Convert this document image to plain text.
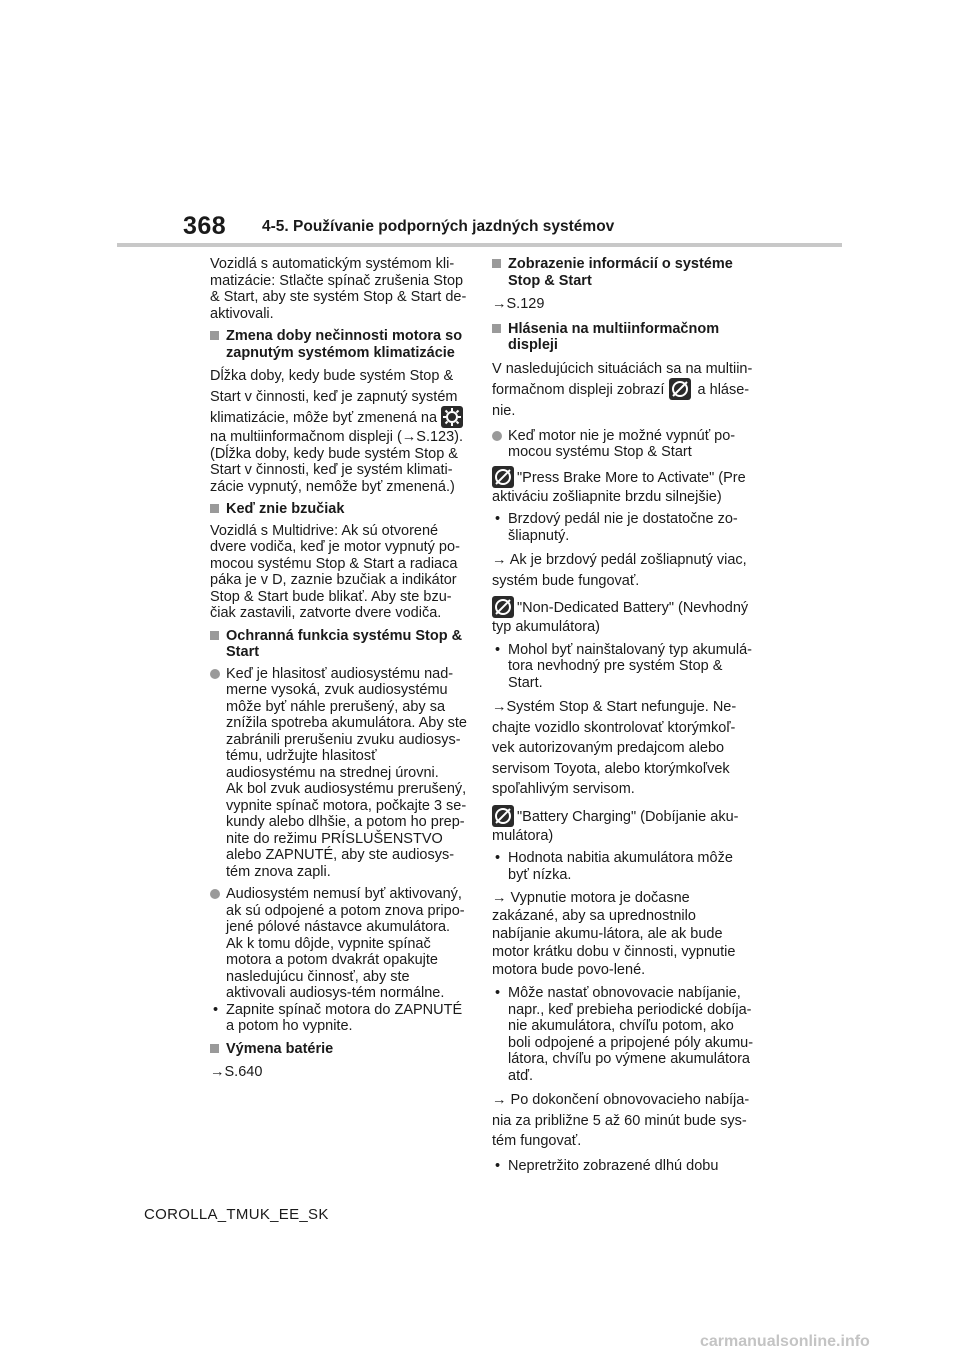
368 4-5. Používanie podporných jazdných systémov

Vozidlá s automatickým systémom kli-matizácie: Stlačte spínač zrušenia Stop & Start, aby ste systém Stop & Start de-aktivovali.

Zmena doby nečinnosti motora so zapnutým systémom klimatizácie

Dĺžka doby, kedy bude systém Stop & Start v činnosti, keď je zapnutý systém klimatizácie, môže byť zmenená na

na multiinformačnom displeji (→S.123). (Dĺžka doby, kedy bude systém Stop & Start v činnosti, keď je systém klimati-zácie vypnutý, nemôže byť zmenená.)

Keď znie bzučiak

Vozidlá s Multidrive: Ak sú otvorené dvere vodiča, keď je motor vypnutý po-mocou systému Stop & Start a radiaca páka je v D, zaznie bzučiak a indikátor Stop & Start bude blikať. Aby ste bzu-čiak zastavili, zatvorte dvere vodiča.

Ochranná funkcia systému Stop & Start
Keď je hlasitosť audiosystému nad-merne vysoká, zvuk audiosystému môže byť náhle prerušený, aby sa znížila spotreba akumulátora. Aby ste zabránili prerušeniu zvuku audiosys-tému, udržujte hlasitosť audiosystému na strednej úrovni.
Ak bol zvuk audiosystému prerušený, vypnite spínač motora, počkajte 3 se-kundy alebo dlhšie, a potom ho prep-nite do režimu PRÍSLUŠENSTVO alebo ZAPNUTÉ, aby ste audiosys-tém znova zapli.
Audiosystém nemusí byť aktivovaný, ak sú odpojené a potom znova pripo-jené pólové nástavce akumulátora. Ak k tomu dôjde, vypnite spínač motora a potom dvakrát opakujte nasledujúcu činnosť, aby ste aktivovali audiosys-tém normálne.
• Zapnite spínač motora do ZAPNUTÉ a potom ho vypnite.
Výmena batérie

→S.640

Zobrazenie informácií o systéme Stop & Start

→S.129

Hlásenia na multiinformačnom displeji

V nasledujúcich situáciách sa na multiin-formačnom displeji zobrazí a hláse-nie.

Keď motor nie je možné vypnúť po-mocou systému Stop & Start

"Press Brake More to Activate" (Pre aktiváciu zošliapnite brzdu silnejšie)

• Brzdový pedál nie je dostatočne zo-šliapnutý.

→ Ak je brzdový pedál zošliapnutý viac, systém bude fungovať.

"Non-Dedicated Battery" (Nevhodný typ akumulátora)

• Mohol byť nainštalovaný typ akumulá-tora nevhodný pre systém Stop & Start.

→Systém Stop & Start nefunguje. Ne-chajte vozidlo skontrolovať ktorýmkoľ-vek autorizovaným predajcom alebo servisom Toyota, alebo ktorýmkoľvek spoľahlivým servisom.

"Battery Charging" (Dobíjanie aku-mulátora)

• Hodnota nabitia akumulátora môže byť nízka.

→ Vypnutie motora je dočasne zakázané, aby sa uprednostnilo nabíjanie akumu-látora, ale ak bude motor krátku dobu v činnosti, vypnutie motora bude povo-lené.

• Môže nastať obnovovacie nabíjanie, napr., keď prebieha periodické dobíja-nie akumulátora, chvíľu potom, ako boli odpojené a pripojené póly akumu-látora, chvíľu po výmene akumulátora atď.

→ Po dokončení obnovovacieho nabíja-nia za približne 5 až 60 minút bude sys-tém fungovať.

• Nepretržito zobrazené dlhú dobu
COROLLA_TMUK_EE_SK
carmanualsonline.info
